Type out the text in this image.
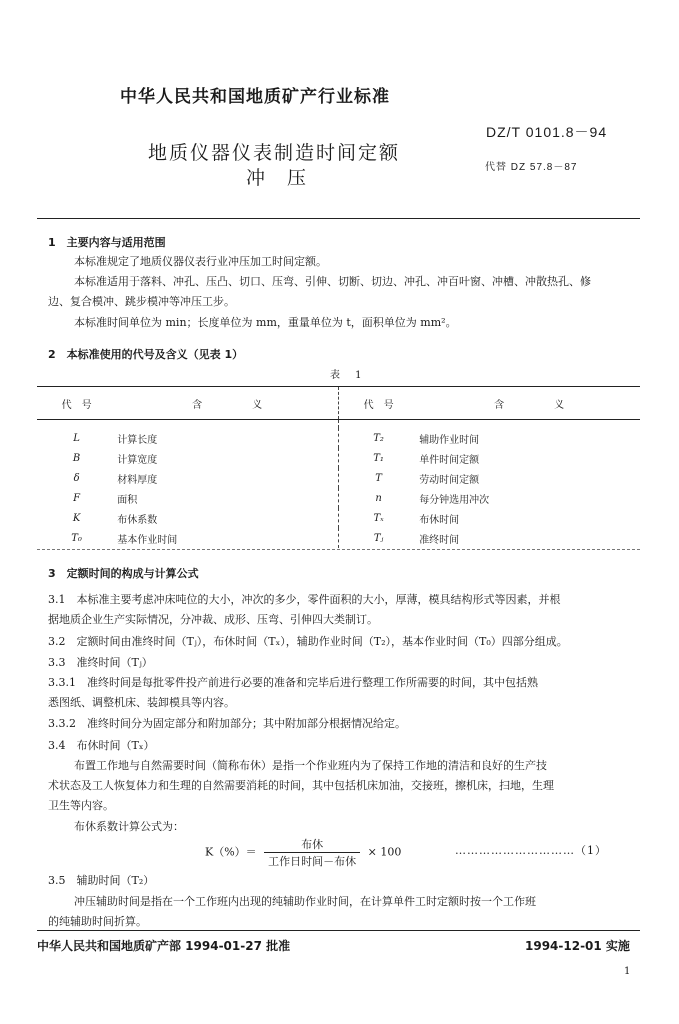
中华人民共和国地质矿产行业标准
地质仪器仪表制造时间定额
冲压
DZ/T 0101.8－94
代替 DZ 57.8－87
1　主要内容与适用范围
本标准规定了地质仪器仪表行业冲压加工时间定额。
本标准适用于落料、冲孔、压凸、切口、压弯、引伸、切断、切边、冲孔、冲百叶窗、冲槽、冲散热孔、修
边、复合模冲、跳步模冲等冲压工步。
本标准时间单位为 min；长度单位为 mm，重量单位为 t，面积单位为 mm²。
2　本标准使用的代号及含义（见表 1）
表 1
代　号	含　　　　　义	代　号	含　　　　　义

L	计算长度	T₂	辅助作业时间
B	计算宽度	T₁	单件时间定额
δ	材料厚度	T	劳动时间定额
F	面积	n	每分钟选用冲次
K	布休系数	Tₓ	布休时间
T₀	基本作业时间	Tⱼ	准终时间
3　定额时间的构成与计算公式
3.1　本标准主要考虑冲床吨位的大小，冲次的多少，零件面积的大小，厚薄，模具结构形式等因素，并根
据地质企业生产实际情况，分冲裁、成形、压弯、引伸四大类制订。
3.2　定额时间由准终时间（Tⱼ），布休时间（Tₓ），辅助作业时间（T₂），基本作业时间（T₀）四部分组成。
3.3　准终时间（Tⱼ）
3.3.1　准终时间是每批零件投产前进行必要的准备和完毕后进行整理工作所需要的时间，其中包括熟
悉图纸、调整机床、装卸模具等内容。
3.3.2　准终时间分为固定部分和附加部分；其中附加部分根据情况给定。
3.4　布休时间（Tₓ）
布置工作地与自然需要时间（简称布休）是指一个作业班内为了保持工作地的清洁和良好的生产技
术状态及工人恢复体力和生理的自然需要消耗的时间，其中包括机床加油，交接班，擦机床，扫地，生理
卫生等内容。
布休系数计算公式为：
$K(\%)= \frac{\text{布休}}{\text{工作日时间－布休}} \times 100$	…………………………（1）
3.5　辅助时间（T₂）
冲压辅助时间是指在一个工作班内出现的纯辅助作业时间，在计算单件工时定额时按一个工作班
的纯辅助时间折算。
中华人民共和国地质矿产部 1994-01-27 批准	1994-12-01 实施
1
